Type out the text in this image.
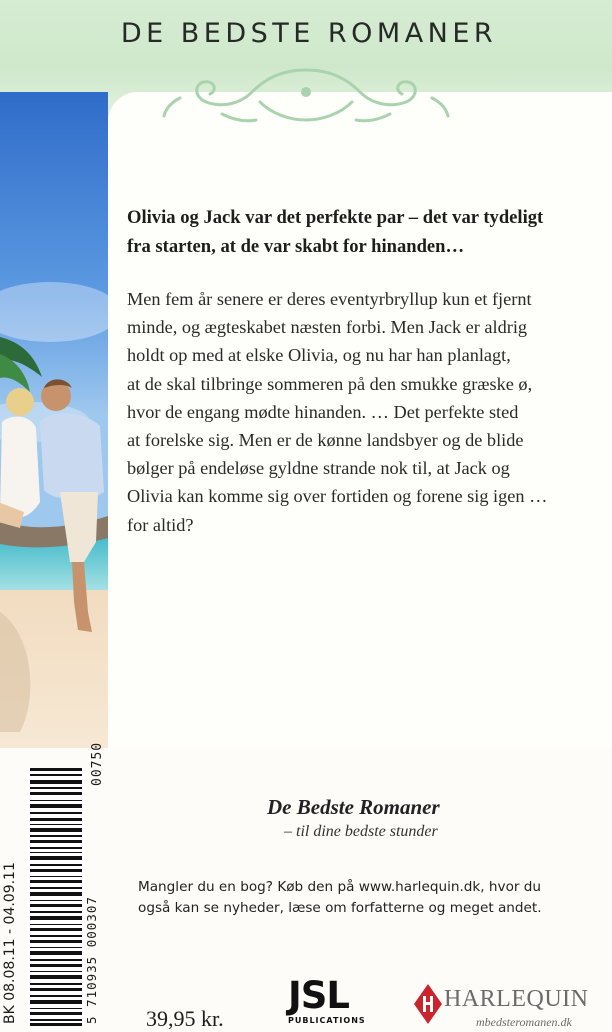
DE BEDSTE ROMANER

Olivia og Jack var det perfekte par – det var tydeligt
fra starten, at de var skabt for hinanden…

Men fem år senere er deres eventyrbryllup kun et fjernt
minde, og ægteskabet næsten forbi. Men Jack er aldrig
holdt op med at elske Olivia, og nu har han planlagt,
at de skal tilbringe sommeren på den smukke græske ø,
hvor de engang mødte hinanden. … Det perfekte sted
at forelske sig. Men er de kønne landsbyer og de blide
bølger på endeløse gyldne strande nok til, at Jack og
Olivia kan komme sig over fortiden og forene sig igen …
for altid?

De Bedste Romaner
– til dine bedste stunder
Mangler du en bog? Køb den på www.harlequin.dk, hvor du
også kan se nyheder, læse om forfatterne og meget andet.
BK 08.08.11 - 04.09.11	5 710935 000307
00750
39,95 kr.
JSL
PUBLICATIONS
HARLEQUIN
mbedsteromanen.dk
